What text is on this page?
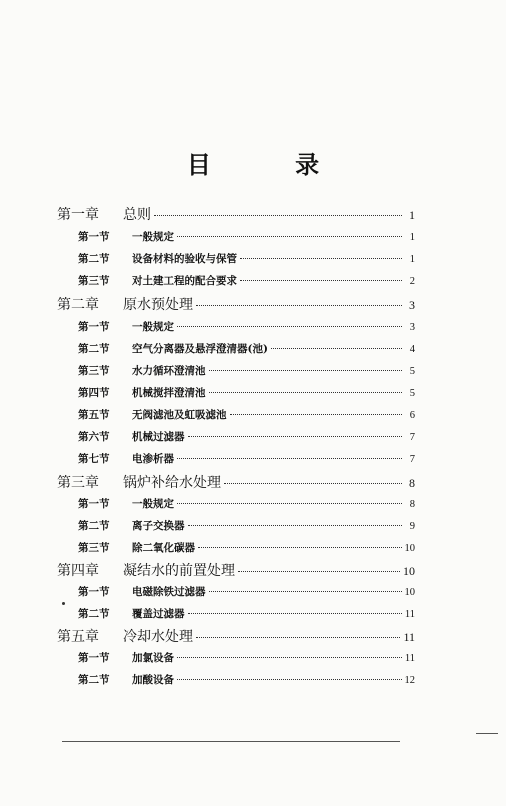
目 录
第一章	总则	1
第一节	一般规定	1
第二节	设备材料的验收与保管	1
第三节	对土建工程的配合要求	2
第二章	原水预处理	3
第一节	一般规定	3
第二节	空气分离器及悬浮澄清器(池)	4
第三节	水力循环澄清池	5
第四节	机械搅拌澄清池	5
第五节	无阀滤池及虹吸滤池	6
第六节	机械过滤器	7
第七节	电渗析器	7
第三章	锅炉补给水处理	8
第一节	一般规定	8
第二节	离子交换器	9
第三节	除二氧化碳器	10
第四章	凝结水的前置处理	10
第一节	电磁除铁过滤器	10
第二节	覆盖过滤器	11
第五章	冷却水处理	11
第一节	加氯设备	11
第二节	加酸设备	12
